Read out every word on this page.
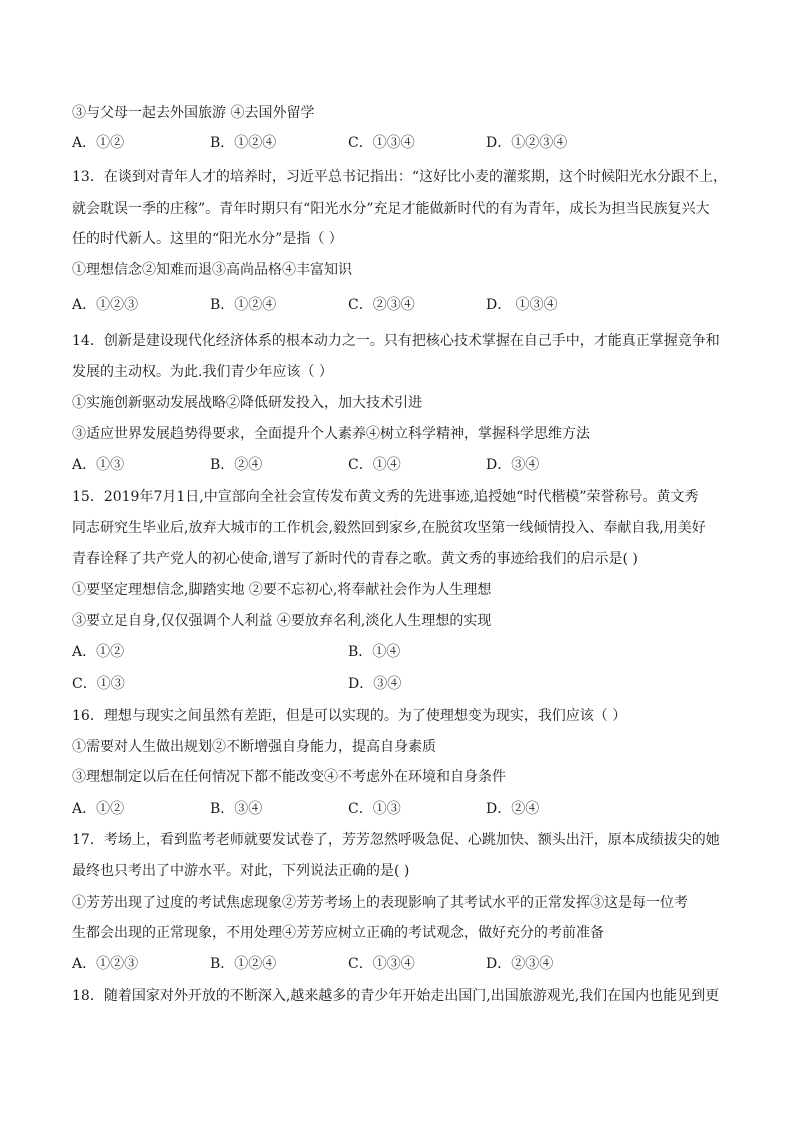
③与父母一起去外国旅游 ④去国外留学
A．①②	B．①②④	C．①③④	D．①②③④
13．在谈到对青年人才的培养时，习近平总书记指出：“这好比小麦的灌浆期，这个时候阳光水分跟不上，
就会耽误一季的庄稼”。青年时期只有“阳光水分”充足才能做新时代的有为青年，成长为担当民族复兴大
任的时代新人。这里的“阳光水分”是指（ ）
①理想信念②知难而退③高尚品格④丰富知识
A．①②③	B．①②④	C．②③④	D． ①③④
14．创新是建设现代化经济体系的根本动力之一。只有把核心技术掌握在自己手中，才能真正掌握竞争和
发展的主动权。为此.我们青少年应该（ ）
①实施创新驱动发展战略②降低研发投入，加大技术引进
③适应世界发展趋势得要求，全面提升个人素养④树立科学精神，掌握科学思维方法
A．①③	B．②④	C．①④	D．③④
15．2019年7月1日,中宣部向全社会宣传发布黄文秀的先进事迹,追授她“时代楷模”荣誉称号。黄文秀
同志研究生毕业后,放弃大城市的工作机会,毅然回到家乡,在脱贫攻坚第一线倾情投入、奉献自我,用美好
青春诠释了共产党人的初心使命,谱写了新时代的青春之歌。黄文秀的事迹给我们的启示是( )
①要坚定理想信念,脚踏实地 ②要不忘初心,将奉献社会作为人生理想
③要立足自身,仅仅强调个人利益 ④要放弃名利,淡化人生理想的实现
A．①②	B．①④
C．①③	D．③④
16．理想与现实之间虽然有差距，但是可以实现的。为了使理想变为现实，我们应该（ ）
①需要对人生做出规划②不断增强自身能力，提高自身素质
③理想制定以后在任何情况下都不能改变④不考虑外在环境和自身条件
A．①②	B．③④	C．①③	D．②④
17．考场上，看到监考老师就要发试卷了，芳芳忽然呼吸急促、心跳加快、额头出汗，原本成绩拔尖的她
最终也只考出了中游水平。对此，下列说法正确的是( )
①芳芳出现了过度的考试焦虑现象②芳芳考场上的表现影响了其考试水平的正常发挥③这是每一位考
生都会出现的正常现象，不用处理④芳芳应树立正确的考试观念，做好充分的考前准备
A．①②③	B．①②④	C．①③④	D．②③④
18．随着国家对外开放的不断深入,越来越多的青少年开始走出国门,出国旅游观光,我们在国内也能见到更
